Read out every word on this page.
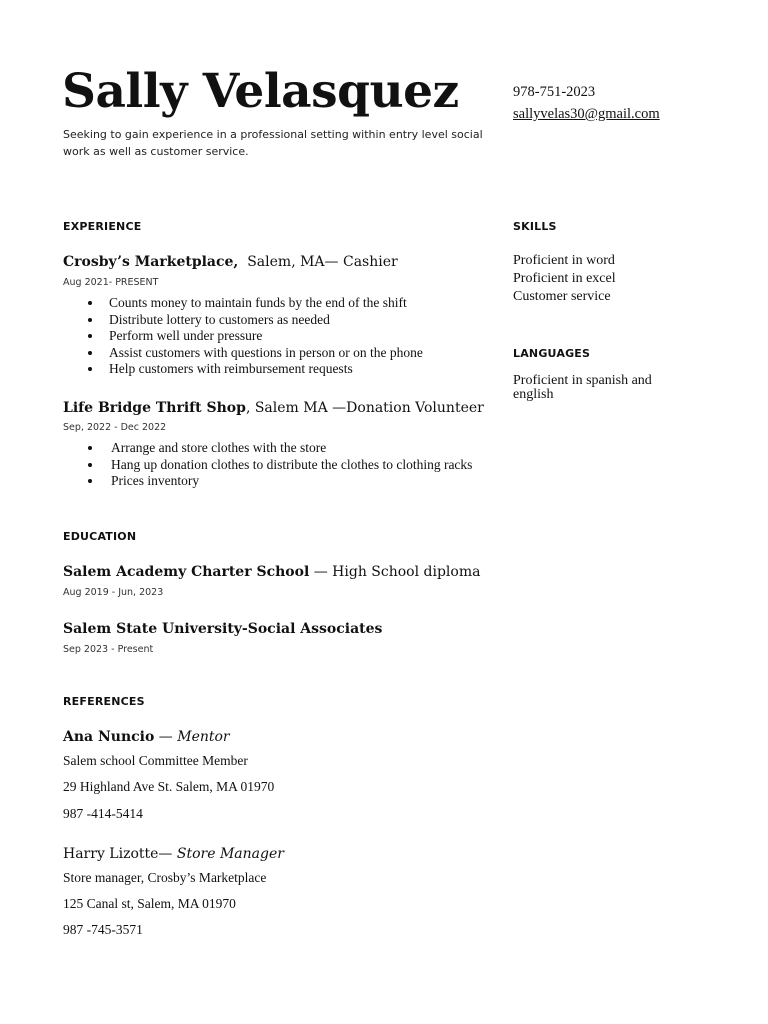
Sally Velasquez
Seeking to gain experience in a professional setting within entry level social work as well as customer service.
978-751-2023
sallyvelas30@gmail.com
EXPERIENCE
Crosby’s Marketplace,  Salem, MA— Cashier
Aug 2021- PRESENT
Counts money to maintain funds by the end of the shift
Distribute lottery to customers as needed
Perform well under pressure
Assist customers with questions in person or on the phone
Help customers with reimbursement requests
Life Bridge Thrift Shop, Salem MA —Donation Volunteer
Sep, 2022 - Dec 2022
Arrange and store clothes with the store
Hang up donation clothes to distribute the clothes to clothing racks
Prices inventory
EDUCATION
Salem Academy Charter School — High School diploma
Aug 2019 - Jun, 2023
Salem State University-Social Associates
Sep 2023 - Present
REFERENCES
Ana Nuncio — Mentor
Salem school Committee Member
29 Highland Ave St. Salem, MA 01970
987 -414-5414
Harry Lizotte— Store Manager
Store manager, Crosby’s Marketplace
125 Canal st, Salem, MA 01970
987 -745-3571
SKILLS
Proficient in word
Proficient in excel
Customer service
LANGUAGES
Proficient in spanish and english
